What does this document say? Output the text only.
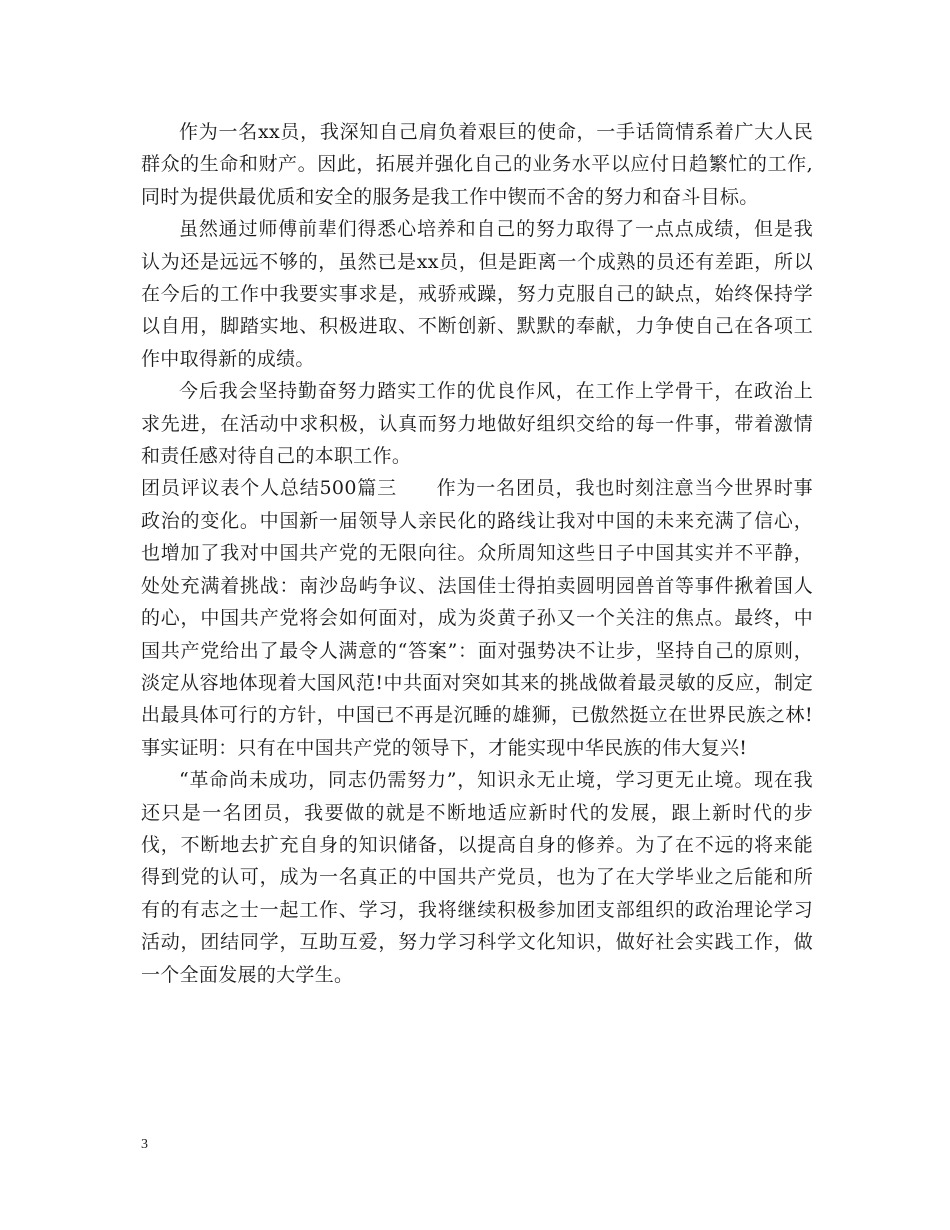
作为一名xx员，我深知自己肩负着艰巨的使命，一手话筒情系着广大人民群众的生命和财产。因此，拓展并强化自己的业务水平以应付日趋繁忙的工作,同时为提供最优质和安全的服务是我工作中锲而不舍的努力和奋斗目标。

虽然通过师傅前辈们得悉心培养和自己的努力取得了一点点成绩，但是我认为还是远远不够的，虽然已是xx员，但是距离一个成熟的员还有差距，所以在今后的工作中我要实事求是，戒骄戒躁，努力克服自己的缺点，始终保持学以自用，脚踏实地、积极进取、不断创新、默默的奉献，力争使自己在各项工作中取得新的成绩。

今后我会坚持勤奋努力踏实工作的优良作风，在工作上学骨干，在政治上求先进，在活动中求积极，认真而努力地做好组织交给的每一件事，带着激情和责任感对待自己的本职工作。

团员评议表个人总结500篇三　　作为一名团员，我也时刻注意当今世界时事政治的变化。中国新一届领导人亲民化的路线让我对中国的未来充满了信心，也增加了我对中国共产党的无限向往。众所周知这些日子中国其实并不平静，处处充满着挑战：南沙岛屿争议、法国佳士得拍卖圆明园兽首等事件揪着国人的心，中国共产党将会如何面对，成为炎黄子孙又一个关注的焦点。最终，中国共产党给出了最令人满意的“答案”：面对强势决不让步，坚持自己的原则，淡定从容地体现着大国风范!中共面对突如其来的挑战做着最灵敏的反应，制定出最具体可行的方针，中国已不再是沉睡的雄狮，已傲然挺立在世界民族之林!事实证明：只有在中国共产党的领导下，才能实现中华民族的伟大复兴!

“革命尚未成功，同志仍需努力”，知识永无止境，学习更无止境。现在我还只是一名团员，我要做的就是不断地适应新时代的发展，跟上新时代的步伐，不断地去扩充自身的知识储备，以提高自身的修养。为了在不远的将来能得到党的认可，成为一名真正的中国共产党员，也为了在大学毕业之后能和所有的有志之士一起工作、学习，我将继续积极参加团支部组织的政治理论学习活动，团结同学，互助互爱，努力学习科学文化知识，做好社会实践工作，做一个全面发展的大学生。

3
